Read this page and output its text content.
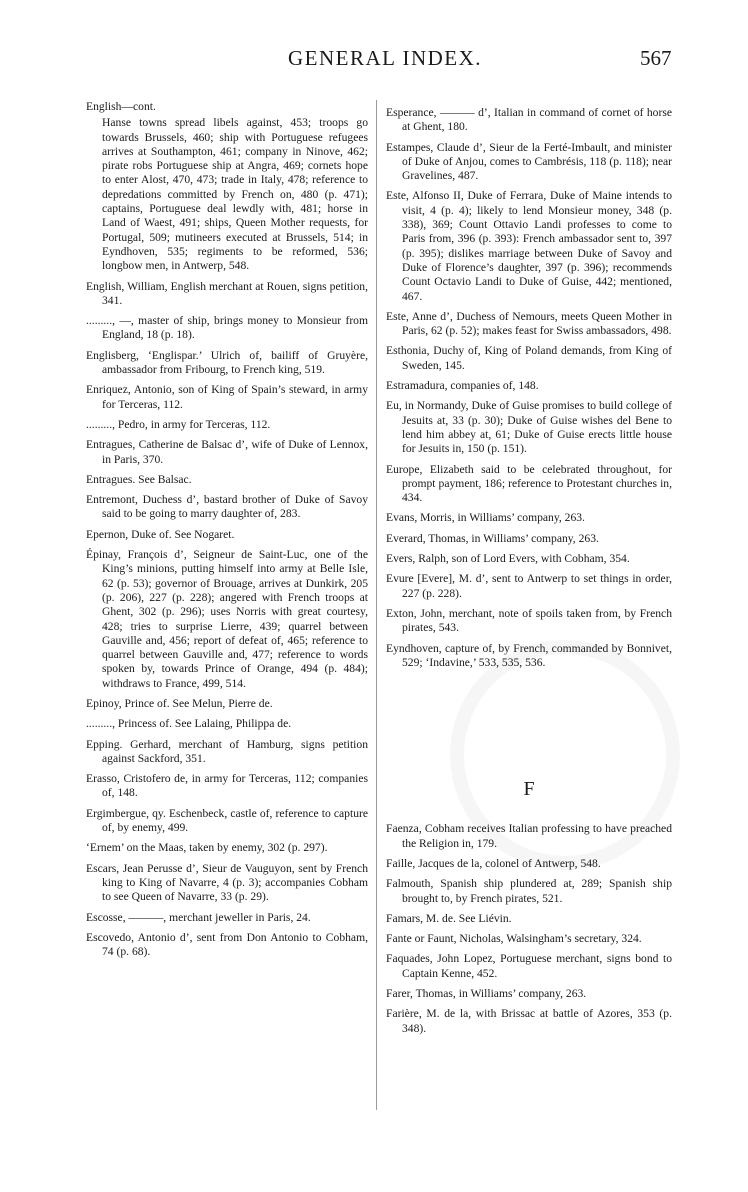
GENERAL INDEX.	567

English—cont.

Hanse towns spread libels against, 453; troops go towards Brussels, 460; ship with Portuguese refugees arrives at Southampton, 461; company in Ninove, 462; pirate robs Portuguese ship at Angra, 469; cornets hope to enter Alost, 470, 473; trade in Italy, 478; reference to depredations committed by French on, 480 (p. 471); captains, Portuguese deal lewdly with, 481; horse in Land of Waest, 491; ships, Queen Mother requests, for Portugal, 509; mutineers executed at Brussels, 514; in Eyndhoven, 535; regiments to be reformed, 536; longbow men, in Antwerp, 548.

English, William, English merchant at Rouen, signs petition, 341.

........., —, master of ship, brings money to Monsieur from England, 18 (p. 18).

Englisberg, ‘Englispar.’ Ulrich of, bailiff of Gruyère, ambassador from Fribourg, to French king, 519.

Enriquez, Antonio, son of King of Spain’s steward, in army for Terceras, 112.

........., Pedro, in army for Terceras, 112.

Entragues, Catherine de Balsac d’, wife of Duke of Lennox, in Paris, 370.

Entragues. See Balsac.

Entremont, Duchess d’, bastard brother of Duke of Savoy said to be going to marry daughter of, 283.

Epernon, Duke of. See Nogaret.

Épinay, François d’, Seigneur de Saint-Luc, one of the King’s minions, putting himself into army at Belle Isle, 62 (p. 53); governor of Brouage, arrives at Dunkirk, 205 (p. 206), 227 (p. 228); angered with French troops at Ghent, 302 (p. 296); uses Norris with great courtesy, 428; tries to surprise Lierre, 439; quarrel between Gauville and, 456; report of defeat of, 465; reference to quarrel between Gauville and, 477; reference to words spoken by, towards Prince of Orange, 494 (p. 484); withdraws to France, 499, 514.

Epinoy, Prince of. See Melun, Pierre de.

........., Princess of. See Lalaing, Philippa de.

Epping. Gerhard, merchant of Hamburg, signs petition against Sackford, 351.

Erasso, Cristofero de, in army for Terceras, 112; companies of, 148.

Ergimbergue, qy. Eschenbeck, castle of, reference to capture of, by enemy, 499.

‘Ernem’ on the Maas, taken by enemy, 302 (p. 297).

Escars, Jean Perusse d’, Sieur de Vauguyon, sent by French king to King of Navarre, 4 (p. 3); accompanies Cobham to see Queen of Navarre, 33 (p. 29).

Escosse, ———, merchant jeweller in Paris, 24.

Escovedo, Antonio d’, sent from Don Antonio to Cobham, 74 (p. 68).

Esperance, ——— d’, Italian in command of cornet of horse at Ghent, 180.

Estampes, Claude d’, Sieur de la Ferté-Imbault, and minister of Duke of Anjou, comes to Cambrésis, 118 (p. 118); near Gravelines, 487.

Este, Alfonso II, Duke of Ferrara, Duke of Maine intends to visit, 4 (p. 4); likely to lend Monsieur money, 348 (p. 338), 369; Count Ottavio Landi professes to come to Paris from, 396 (p. 393): French ambassador sent to, 397 (p. 395); dislikes marriage between Duke of Savoy and Duke of Florence’s daughter, 397 (p. 396); recommends Count Octavio Landi to Duke of Guise, 442; mentioned, 467.

Este, Anne d’, Duchess of Nemours, meets Queen Mother in Paris, 62 (p. 52); makes feast for Swiss ambassadors, 498.

Esthonia, Duchy of, King of Poland demands, from King of Sweden, 145.

Estramadura, companies of, 148.

Eu, in Normandy, Duke of Guise promises to build college of Jesuits at, 33 (p. 30); Duke of Guise wishes del Bene to lend him abbey at, 61; Duke of Guise erects little house for Jesuits in, 150 (p. 151).

Europe, Elizabeth said to be celebrated throughout, for prompt payment, 186; reference to Protestant churches in, 434.

Evans, Morris, in Williams’ company, 263.

Everard, Thomas, in Williams’ company, 263.

Evers, Ralph, son of Lord Evers, with Cobham, 354.

Evure [Evere], M. d’, sent to Antwerp to set things in order, 227 (p. 228).

Exton, John, merchant, note of spoils taken from, by French pirates, 543.

Eyndhoven, capture of, by French, commanded by Bonnivet, 529; ‘Indavine,’ 533, 535, 536.

F

Faenza, Cobham receives Italian professing to have preached the Religion in, 179.

Faille, Jacques de la, colonel of Antwerp, 548.

Falmouth, Spanish ship plundered at, 289; Spanish ship brought to, by French pirates, 521.

Famars, M. de. See Liévin.

Fante or Faunt, Nicholas, Walsingham’s secretary, 324.

Faquades, John Lopez, Portuguese merchant, signs bond to Captain Kenne, 452.

Farer, Thomas, in Williams’ company, 263.

Farière, M. de la, with Brissac at battle of Azores, 353 (p. 348).
